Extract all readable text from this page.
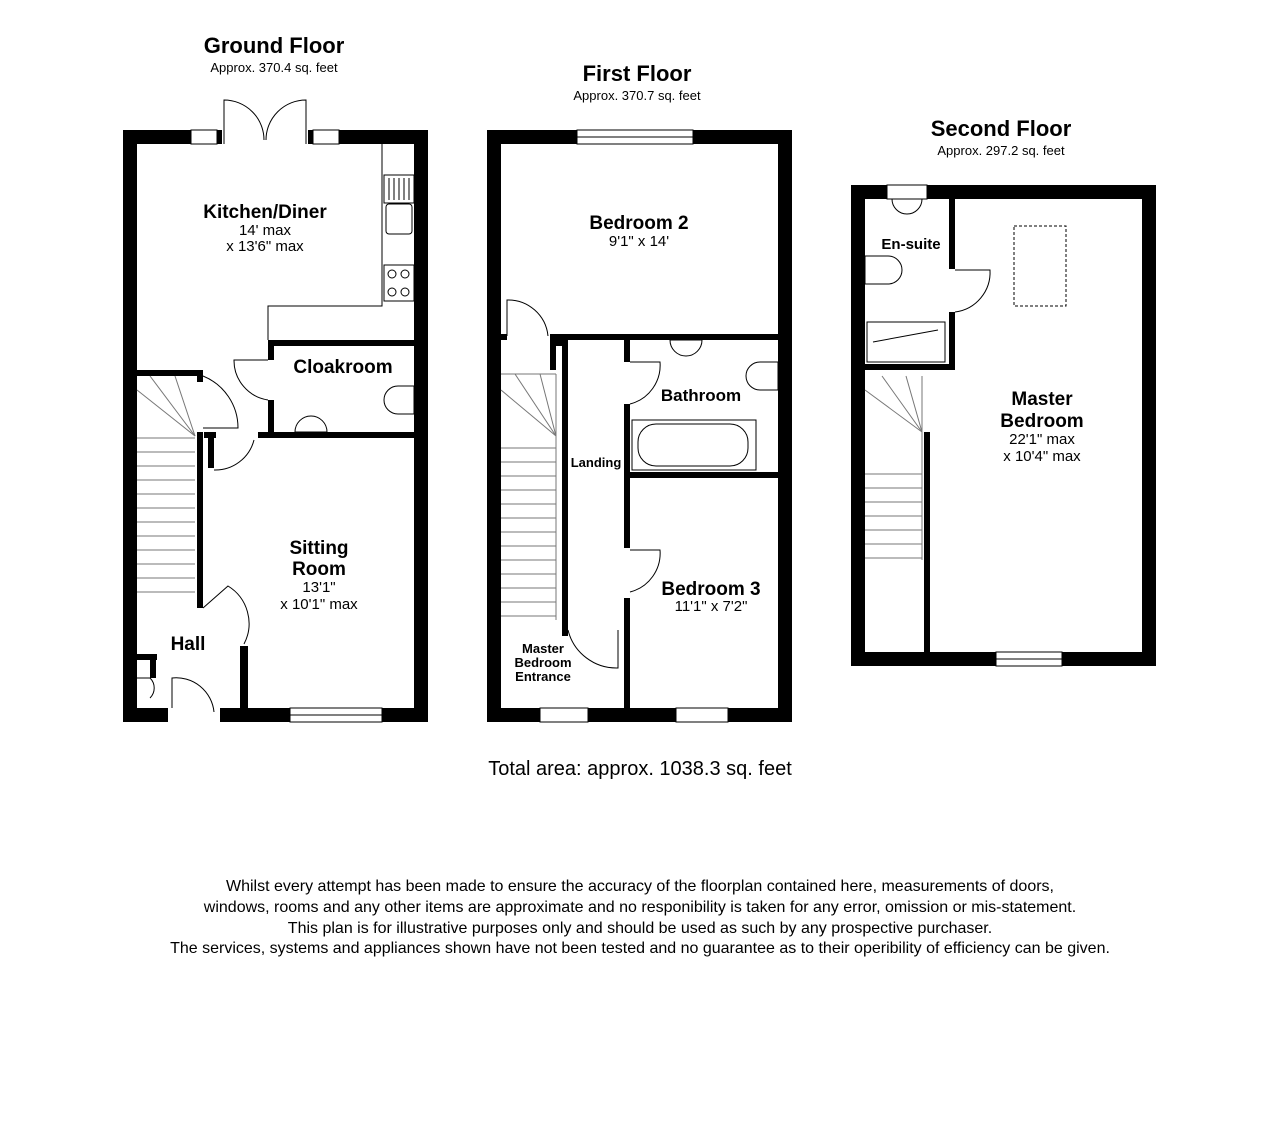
Ground Floor
Approx. 370.4 sq. feet
Kitchen/Diner
14' max
x 13'6" max
Cloakroom
Sitting
Room
13'1"
x 10'1" max
Hall
First Floor
Approx. 370.7 sq. feet
Bedroom 2
9'1" x 14'
Bathroom
Landing
Bedroom 3
11'1" x 7'2"
Master
Bedroom
Entrance
Second Floor
Approx. 297.2 sq. feet
En-suite
Master
Bedroom
22'1" max
x 10'4" max
Total area: approx. 1038.3 sq. feet
Whilst every attempt has been made to ensure the accuracy of the floorplan contained here, measurements of doors,
windows, rooms and any other items are approximate and no responibility is taken for any error, omission or mis-statement.
This plan is for illustrative purposes only and should be used as such by any prospective purchaser.
The services, systems and appliances shown have not been tested and no guarantee as to their operibility of efficiency can be given.
